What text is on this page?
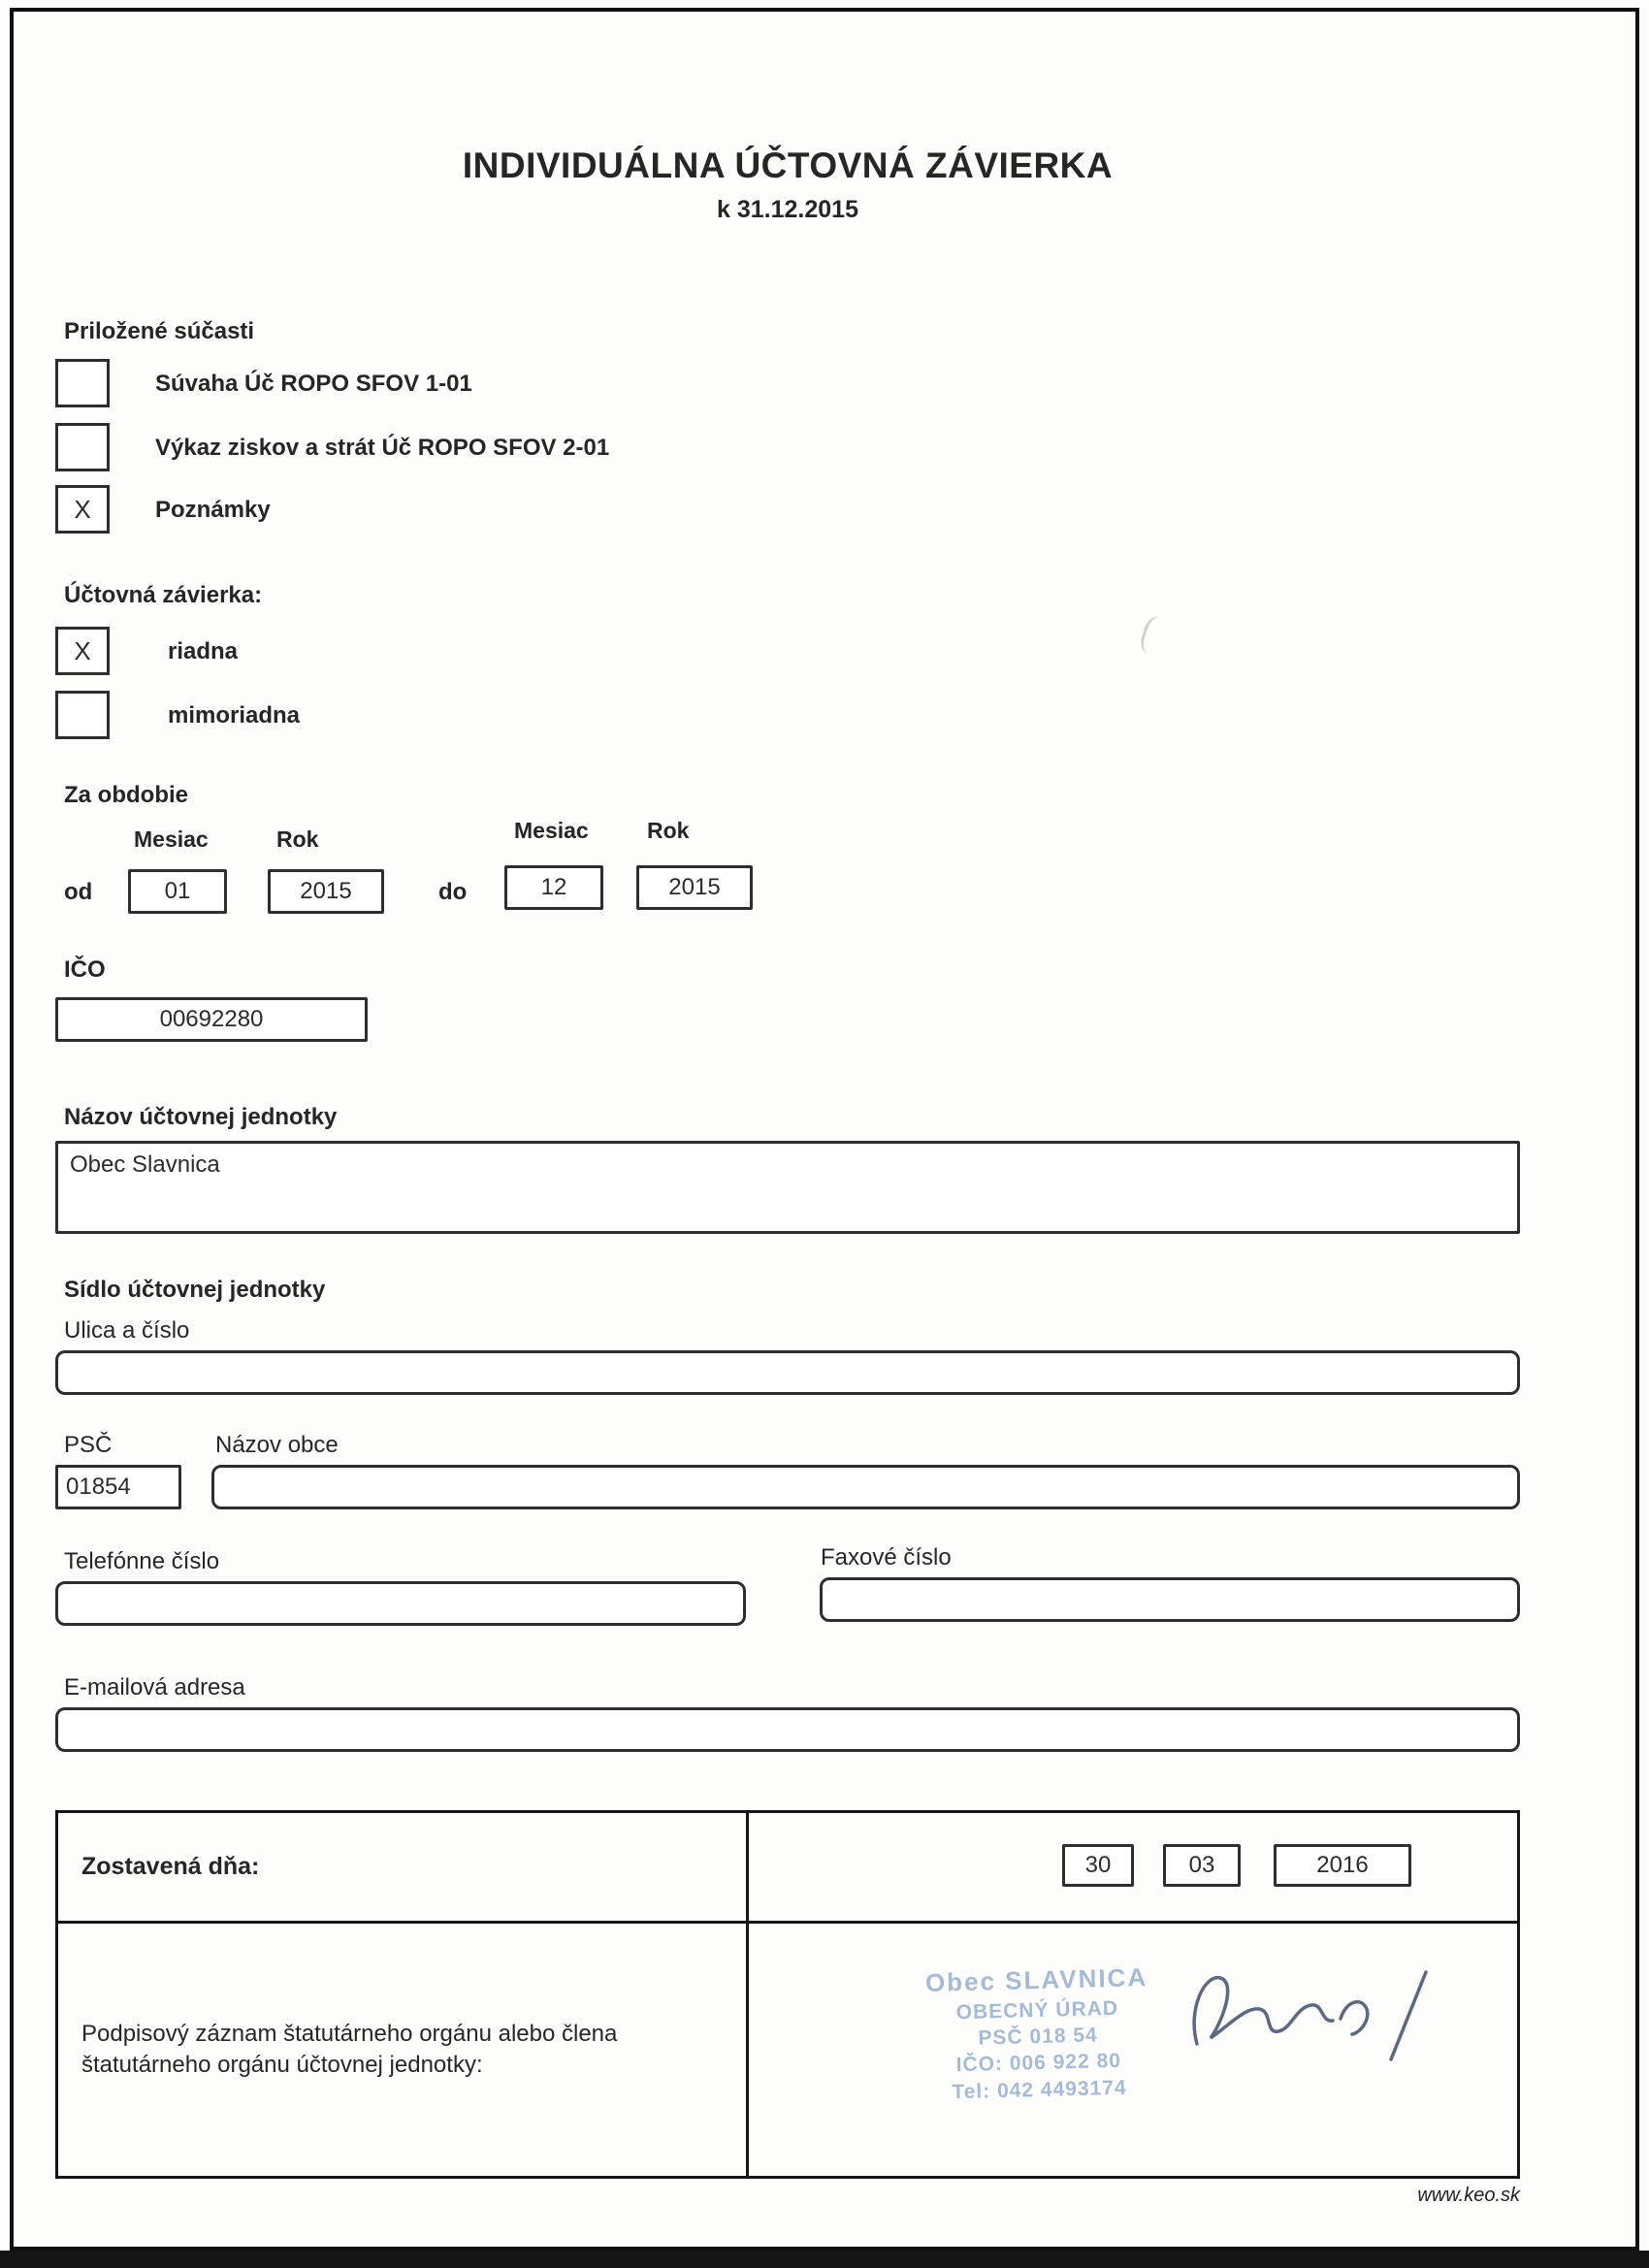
INDIVIDUÁLNA ÚČTOVNÁ ZÁVIERKA
k 31.12.2015
Priložené súčasti
Súvaha Úč ROPO SFOV 1-01
Výkaz ziskov a strát Úč ROPO SFOV 2-01
X	Poznámky
Účtovná závierka:
X	riadna
mimoriadna
Za obdobie
Mesiac	Rok	Mesiac	Rok
od	01	2015	do	12	2015
IČO
00692280
Názov účtovnej jednotky
Obec Slavnica
Sídlo účtovnej jednotky
Ulica a číslo
PSČ	Názov obce
01854
Telefónne číslo	Faxové číslo
E-mailová adresa
Zostavená dňa:	30	03	2016
Podpisový záznam štatutárneho orgánu alebo člena štatutárneho orgánu účtovnej jednotky:
Obec SLAVNICA
OBECNÝ ÚRAD
PSČ 018 54
IČO: 006 922 80
Tel: 042 4493174
www.keo.sk
